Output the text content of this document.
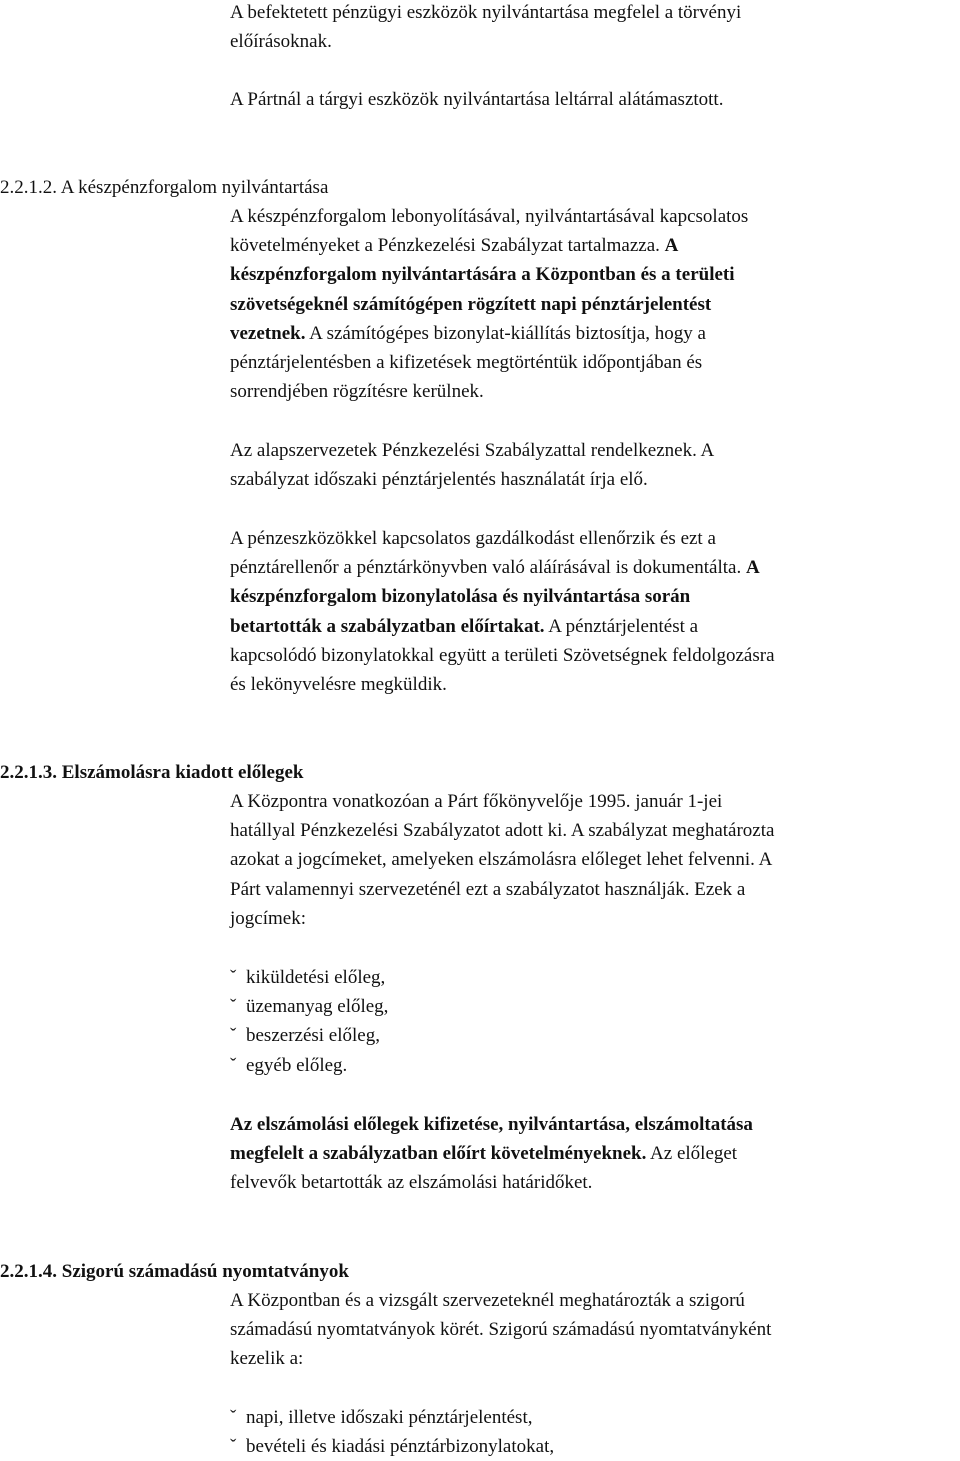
A befektetett pénzügyi eszközök nyilvántartása megfelel a törvényi
előírásoknak.

A Pártnál a tárgyi eszközök nyilvántartása leltárral alátámasztott.

2.2.1.2. A készpénzforgalom nyilvántartása

A készpénzforgalom lebonyolításával, nyilvántartásával kapcsolatos
követelményeket a Pénzkezelési Szabályzat tartalmazza. A
készpénzforgalom nyilvántartására a Központban és a területi
szövetségeknél számítógépen rögzített napi pénztárjelentést
vezetnek. A számítógépes bizonylat-kiállítás biztosítja, hogy a
pénztárjelentésben a kifizetések megtörténtük időpontjában és
sorrendjében rögzítésre kerülnek.

Az alapszervezetek Pénzkezelési Szabályzattal rendelkeznek. A
szabályzat időszaki pénztárjelentés használatát írja elő.

A pénzeszközökkel kapcsolatos gazdálkodást ellenőrzik és ezt a
pénztárellenőr a pénztárkönyvben való aláírásával is dokumentálta. A
készpénzforgalom bizonylatolása és nyilvántartása során
betartották a szabályzatban előírtakat. A pénztárjelentést a
kapcsolódó bizonylatokkal együtt a területi Szövetségnek feldolgozásra
és lekönyvelésre megküldik.

2.2.1.3. Elszámolásra kiadott előlegek

A Központra vonatkozóan a Párt főkönyvelője 1995. január 1-jei
hatállyal Pénzkezelési Szabályzatot adott ki. A szabályzat meghatározta
azokat a jogcímeket, amelyeken elszámolásra előleget lehet felvenni. A
Párt valamennyi szervezeténél ezt a szabályzatot használják. Ezek a
jogcímek:

ˇ kiküldetési előleg,
ˇ üzemanyag előleg,
ˇ beszerzési előleg,
ˇ egyéb előleg.

Az elszámolási előlegek kifizetése, nyilvántartása, elszámoltatása
megfelelt a szabályzatban előírt követelményeknek. Az előleget
felvevők betartották az elszámolási határidőket.

2.2.1.4. Szigorú számadású nyomtatványok

A Központban és a vizsgált szervezeteknél meghatározták a szigorú
számadású nyomtatványok körét. Szigorú számadású nyomtatványként
kezelik a:

ˇ napi, illetve időszaki pénztárjelentést,
ˇ bevételi és kiadási pénztárbizonylatokat,
